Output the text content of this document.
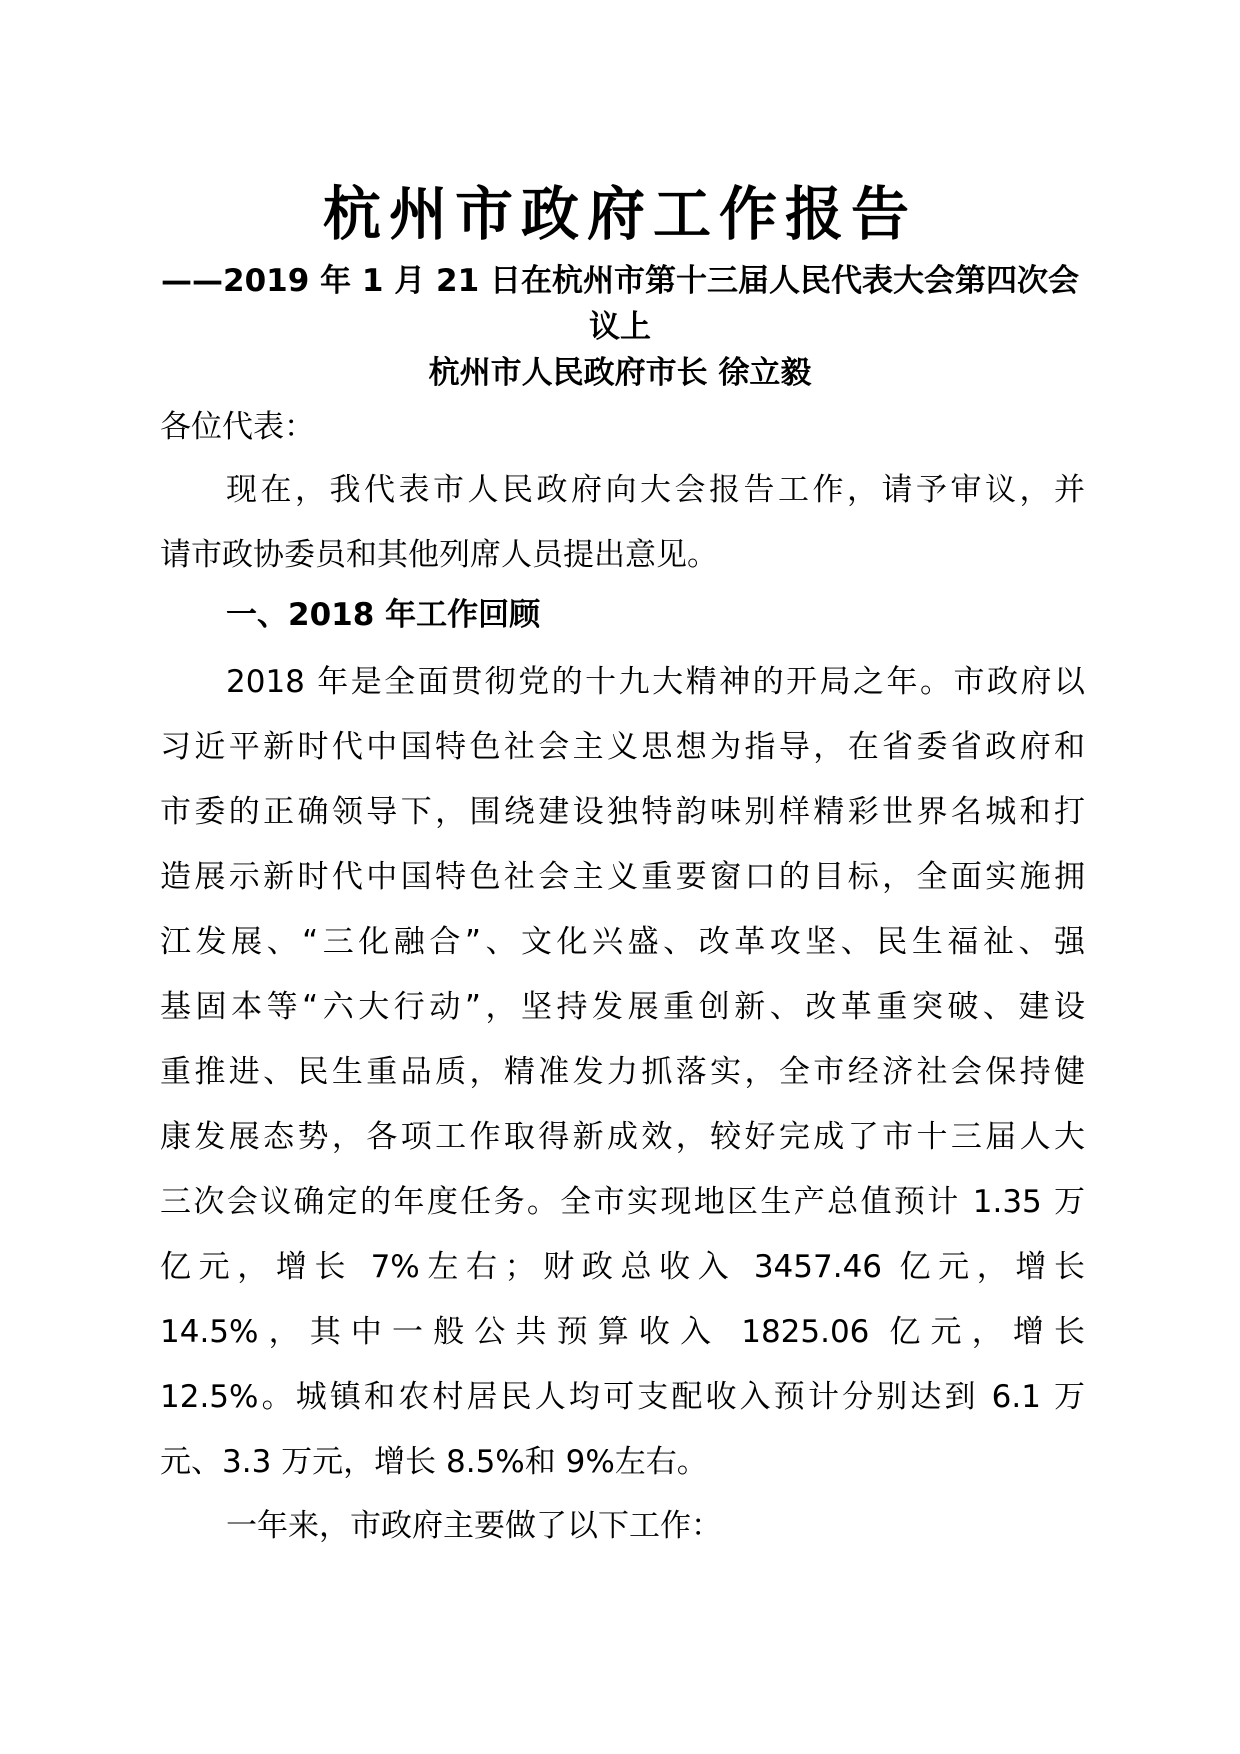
杭州市政府工作报告
——2019 年 1 月 21 日在杭州市第十三届人民代表大会第四次会议上
杭州市人民政府市长 徐立毅
各位代表：
现在，我代表市人民政府向大会报告工作，请予审议，并
请市政协委员和其他列席人员提出意见。
一、2018 年工作回顾
2018 年是全面贯彻党的十九大精神的开局之年。市政府以
习近平新时代中国特色社会主义思想为指导，在省委省政府和
市委的正确领导下，围绕建设独特韵味别样精彩世界名城和打
造展示新时代中国特色社会主义重要窗口的目标，全面实施拥
江发展、“三化融合”、文化兴盛、改革攻坚、民生福祉、强
基固本等“六大行动”，坚持发展重创新、改革重突破、建设
重推进、民生重品质，精准发力抓落实，全市经济社会保持健
康发展态势，各项工作取得新成效，较好完成了市十三届人大
三次会议确定的年度任务。全市实现地区生产总值预计 1.35 万
亿元，增长 7%左右；财政总收入 3457.46 亿元，增长
14.5%，其中一般公共预算收入 1825.06 亿元，增长
12.5%。城镇和农村居民人均可支配收入预计分别达到 6.1 万
元、3.3 万元，增长 8.5%和 9%左右。
一年来，市政府主要做了以下工作：
